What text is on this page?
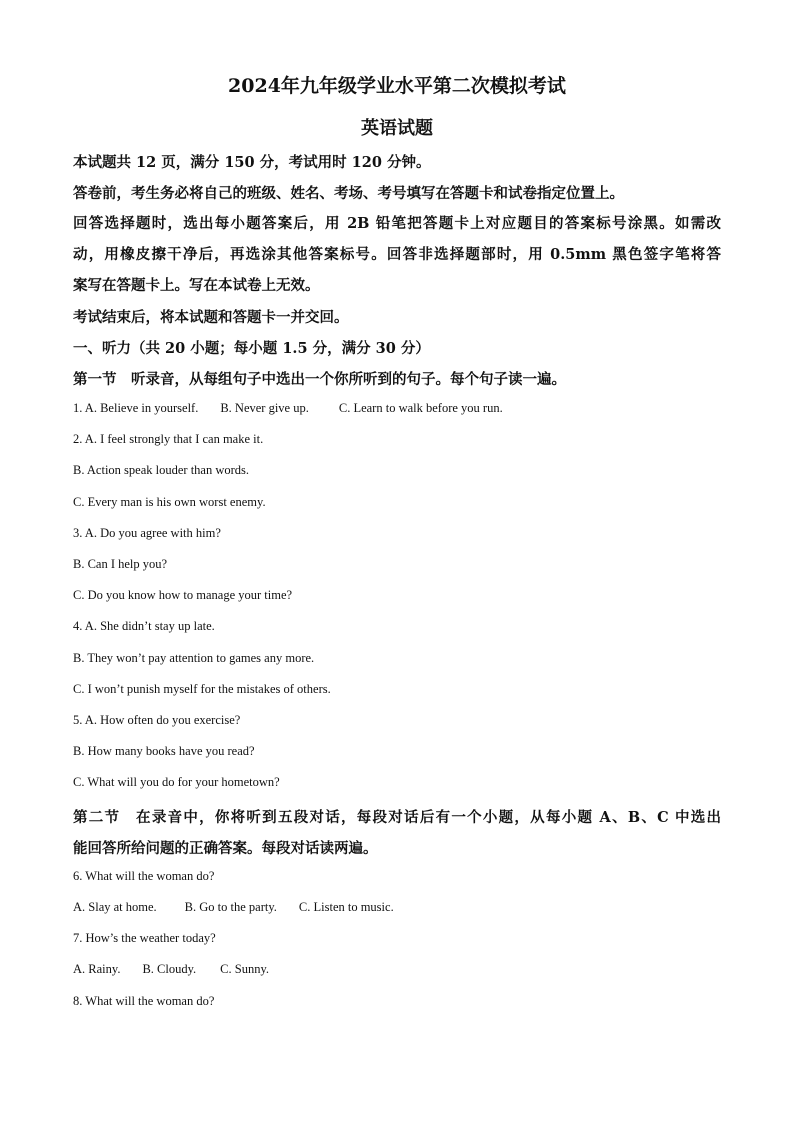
2024年九年级学业水平第二次模拟考试
英语试题
本试题共 12 页，满分 150 分，考试用时 120 分钟。
答卷前，考生务必将自己的班级、姓名、考场、考号填写在答题卡和试卷指定位置上。
回答选择题时，选出每小题答案后，用 2B 铅笔把答题卡上对应题目的答案标号涂黑。如需改
动，用橡皮擦干净后，再选涂其他答案标号。回答非选择题部时，用 0.5mm 黑色签字笔将答
案写在答题卡上。写在本试卷上无效。
考试结束后，将本试题和答题卡一并交回。
一、听力（共 20 小题；每小题 1.5 分，满分 30 分）
第一节　听录音，从每组句子中选出一个你所听到的句子。每个句子读一遍。
1. A. Believe in yourself. B. Never give up. C. Learn to walk before you run.
2. A. I feel strongly that I can make it.
B. Action speak louder than words.
C. Every man is his own worst enemy.
3. A. Do you agree with him?
B. Can I help you?
C. Do you know how to manage your time?
4. A. She didn’t stay up late.
B. They won’t pay attention to games any more.
C. I won’t punish myself for the mistakes of others.
5. A. How often do you exercise?
B. How many books have you read?
C. What will you do for your hometown?
第二节　在录音中，你将听到五段对话，每段对话后有一个小题，从每小题 A、B、C 中选出
能回答所给问题的正确答案。每段对话读两遍。
6. What will the woman do?
A. Slay at home. B. Go to the party. C. Listen to music.
7. How’s the weather today?
A. Rainy. B. Cloudy. C. Sunny.
8. What will the woman do?
